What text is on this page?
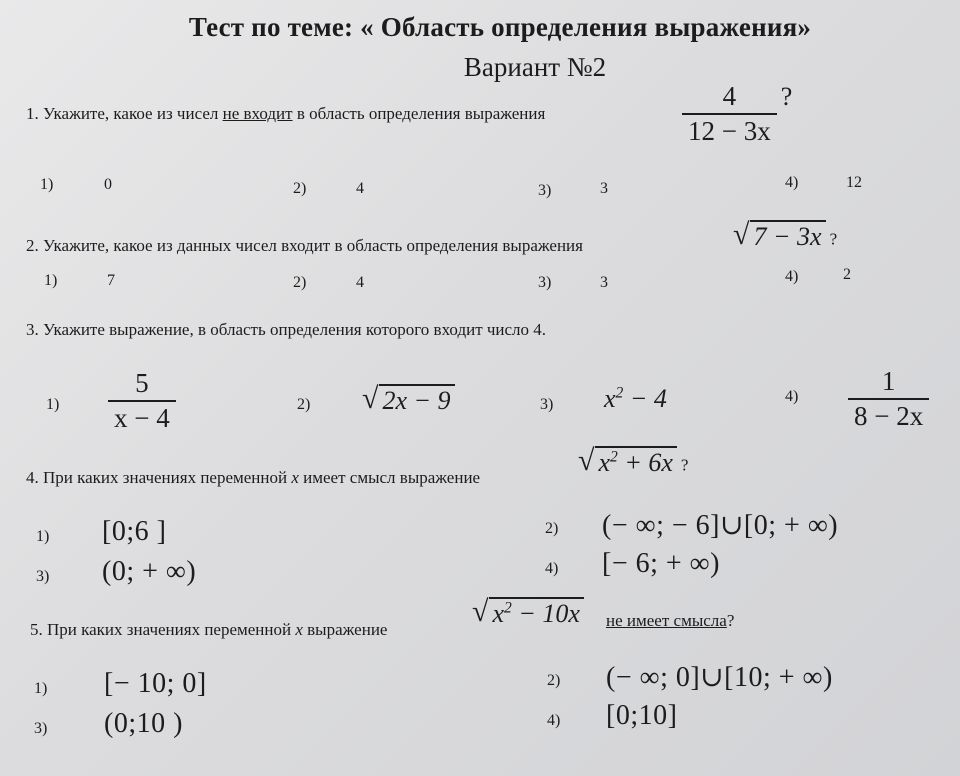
Тест по теме: « Область определения выражения»
Вариант №2
1. Укажите, какое из чисел не входит в область определения выражения	$\frac{4}{12 - 3x}$ ?
1)	0	2)	4	3)	3	4)	12
2. Укажите, какое из данных чисел входит в область определения выражения	√ 7 − 3x ?
1)	7	2)	4	3)	3	4)	2
3. Укажите выражение, в область определения которого входит число 4.
$1) \frac{5}{x - 4}$	2) √ 2x − 9	3) $x^2 - 4$	$4) \frac{1}{8 - 2x}$
4. При каких значениях переменной x имеет смысл выражение
√ $x^2 + 6x$ ?
1) [0;6 ]	2) (− ∞; − 6]∪[0; + ∞)
3) (0; + ∞)	4) [− 6; + ∞)
5. При каких значениях переменной x выражение
√ $x^2 - 10x$ не имеет смысла?
1) [− 10; 0]	2) (− ∞; 0]∪[10; + ∞)
3) (0;10 )	4) [0;10]
